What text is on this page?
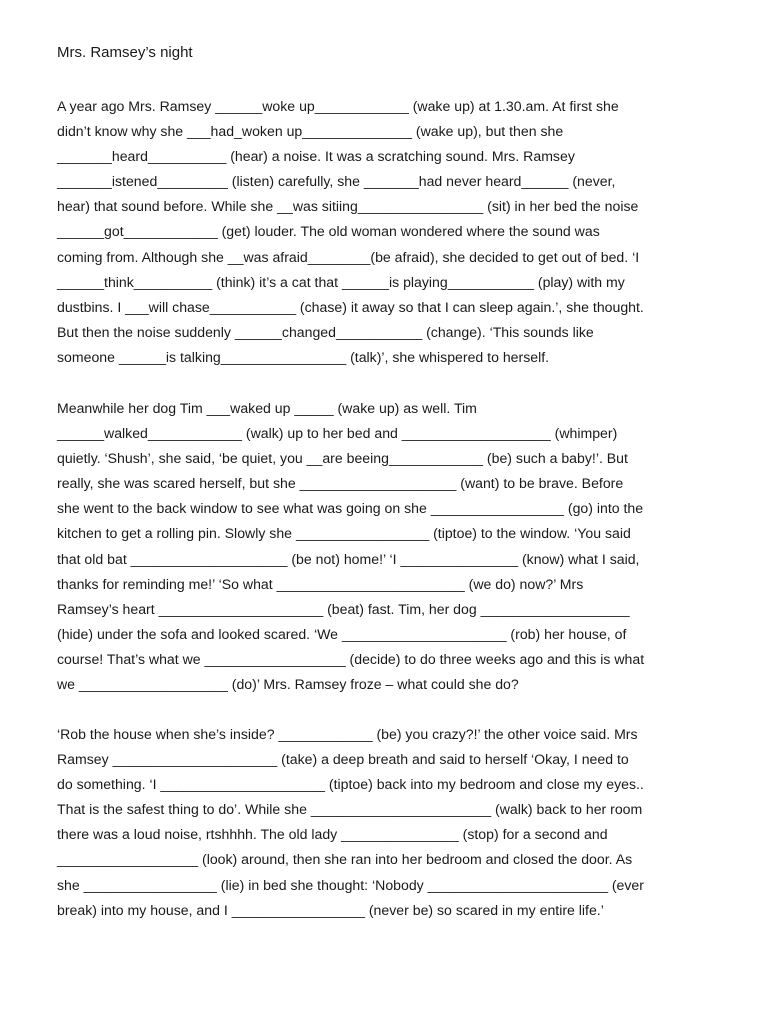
Mrs. Ramsey’s night
A year ago Mrs. Ramsey ______woke up____________ (wake up) at 1.30.am. At first she
didn’t know why she ___had_woken up______________ (wake up), but then she
_______heard__________ (hear) a noise. It was a scratching sound. Mrs. Ramsey
_______istened_________ (listen) carefully, she _______had never heard______ (never,
hear) that sound before. While she __was sitiing________________ (sit) in her bed the noise
______got____________ (get) louder. The old woman wondered where the sound was
coming from. Although she __was afraid________(be afraid), she decided to get out of bed. ‘I
______think__________ (think) it’s a cat that ______is playing___________ (play) with my
dustbins. I ___will chase___________ (chase) it away so that I can sleep again.’, she thought.
But then the noise suddenly ______changed___________ (change). ‘This sounds like
someone ______is talking________________ (talk)’, she whispered to herself.
Meanwhile her dog Tim ___waked up _____ (wake up) as well. Tim
______walked____________ (walk) up to her bed and ___________________ (whimper)
quietly. ‘Shush’, she said, ‘be quiet, you __are beeing____________ (be) such a baby!’. But
really, she was scared herself, but she ____________________ (want) to be brave. Before
she went to the back window to see what was going on she _________________ (go) into the
kitchen to get a rolling pin. Slowly she _________________ (tiptoe) to the window. ‘You said
that old bat ____________________ (be not) home!’ ‘I _______________ (know) what I said,
thanks for reminding me!’ ‘So what ________________________ (we do) now?’ Mrs
Ramsey’s heart _____________________ (beat) fast. Tim, her dog ___________________
(hide) under the sofa and looked scared. ‘We _____________________ (rob) her house, of
course! That’s what we __________________ (decide) to do three weeks ago and this is what
we ___________________ (do)’ Mrs. Ramsey froze – what could she do?
‘Rob the house when she’s inside? ____________ (be) you crazy?!’ the other voice said. Mrs
Ramsey _____________________ (take) a deep breath and said to herself ‘Okay, I need to
do something. ‘I _____________________ (tiptoe) back into my bedroom and close my eyes..
That is the safest thing to do’. While she _______________________ (walk) back to her room
there was a loud noise, rtshhhh. The old lady _______________ (stop) for a second and
__________________ (look) around, then she ran into her bedroom and closed the door. As
she _________________ (lie) in bed she thought: ‘Nobody _______________________ (ever
break) into my house, and I _________________ (never be) so scared in my entire life.’
